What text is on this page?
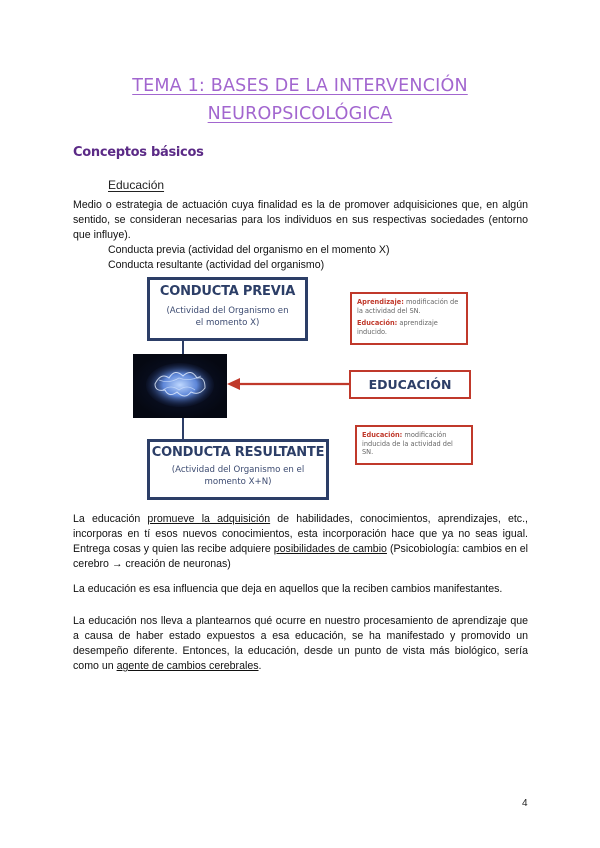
TEMA 1: BASES DE LA INTERVENCIÓN
NEUROPSICOLÓGICA
Conceptos básicos
Educación
Medio o estrategia de actuación cuya finalidad es la de promover adquisiciones que, en algún sentido, se consideran necesarias para los individuos en sus respectivas sociedades (entorno que influye).
Conducta previa (actividad del organismo en el momento X)
Conducta resultante (actividad del organismo)
CONDUCTA PREVIA
(Actividad del Organismo en
el momento X)
EDUCACIÓN
CONDUCTA RESULTANTE
(Actividad del Organismo en el
momento X+N)
Aprendizaje: modificación de la actividad del SN.
Educación: aprendizaje inducido.
Educación: modificación inducida de la actividad del SN.
La educación promueve la adquisición de habilidades, conocimientos, aprendizajes, etc., incorporas en tí esos nuevos conocimientos, esta incorporación hace que ya no seas igual. Entrega cosas y quien las recibe adquiere posibilidades de cambio (Psicobiología: cambios en el cerebro → creación de neuronas)
La educación es esa influencia que deja en aquellos que la reciben cambios manifestantes.
La educación nos lleva a plantearnos qué ocurre en nuestro procesamiento de aprendizaje que a causa de haber estado expuestos a esa educación, se ha manifestado y promovido un desempeño diferente. Entonces, la educación, desde un punto de vista más biológico, sería como un agente de cambios cerebrales.
4
